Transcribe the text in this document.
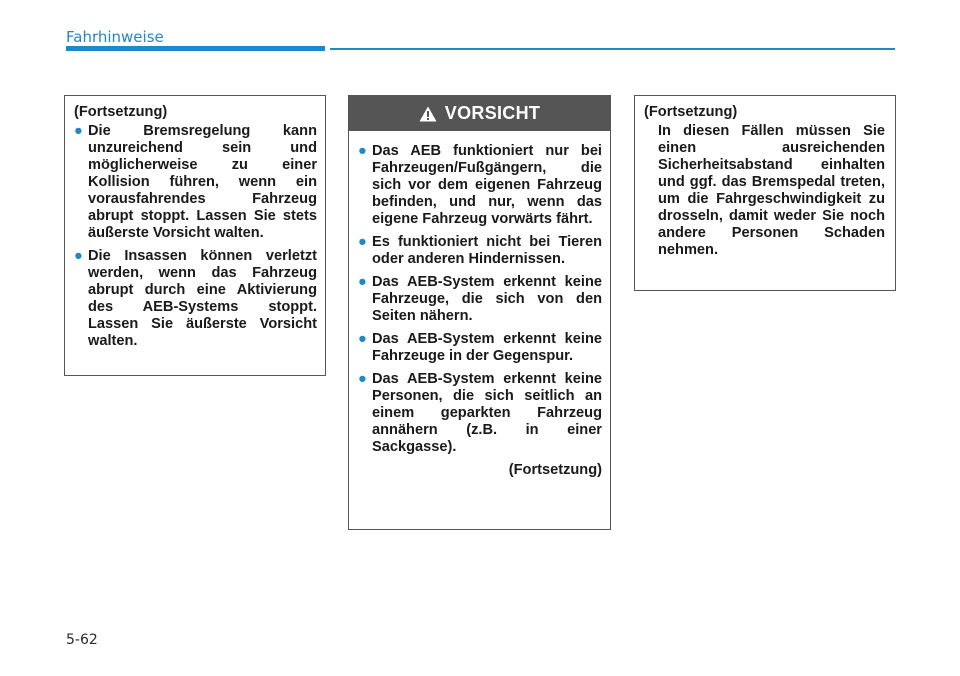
Fahrhinweise

(Fortsetzung)

● Die Bremsregelung kann unzureichend sein und möglicherweise zu einer Kollision führen, wenn ein vorausfahrendes Fahrzeug abrupt stoppt. Lassen Sie stets äußerste Vorsicht walten.
● Die Insassen können verletzt werden, wenn das Fahrzeug abrupt durch eine Aktivierung des AEB-Systems stoppt. Lassen Sie äußerste Vorsicht walten.
VORSICHT
● Das AEB funktioniert nur bei Fahrzeugen/Fußgängern, die sich vor dem eigenen Fahrzeug befinden, und nur, wenn das eigene Fahrzeug vorwärts fährt.
● Es funktioniert nicht bei Tieren oder anderen Hindernissen.
● Das AEB-System erkennt keine Fahrzeuge, die sich von den Seiten nähern.
● Das AEB-System erkennt keine Fahrzeuge in der Gegenspur.
● Das AEB-System erkennt keine Personen, die sich seitlich an einem geparkten Fahrzeug annähern (z.B. in einer Sackgasse).

(Fortsetzung)

(Fortsetzung)

In diesen Fällen müssen Sie einen ausreichenden Sicherheitsabstand einhalten und ggf. das Bremspedal treten, um die Fahrgeschwindigkeit zu drosseln, damit weder Sie noch andere Personen Schaden nehmen.

5-62
